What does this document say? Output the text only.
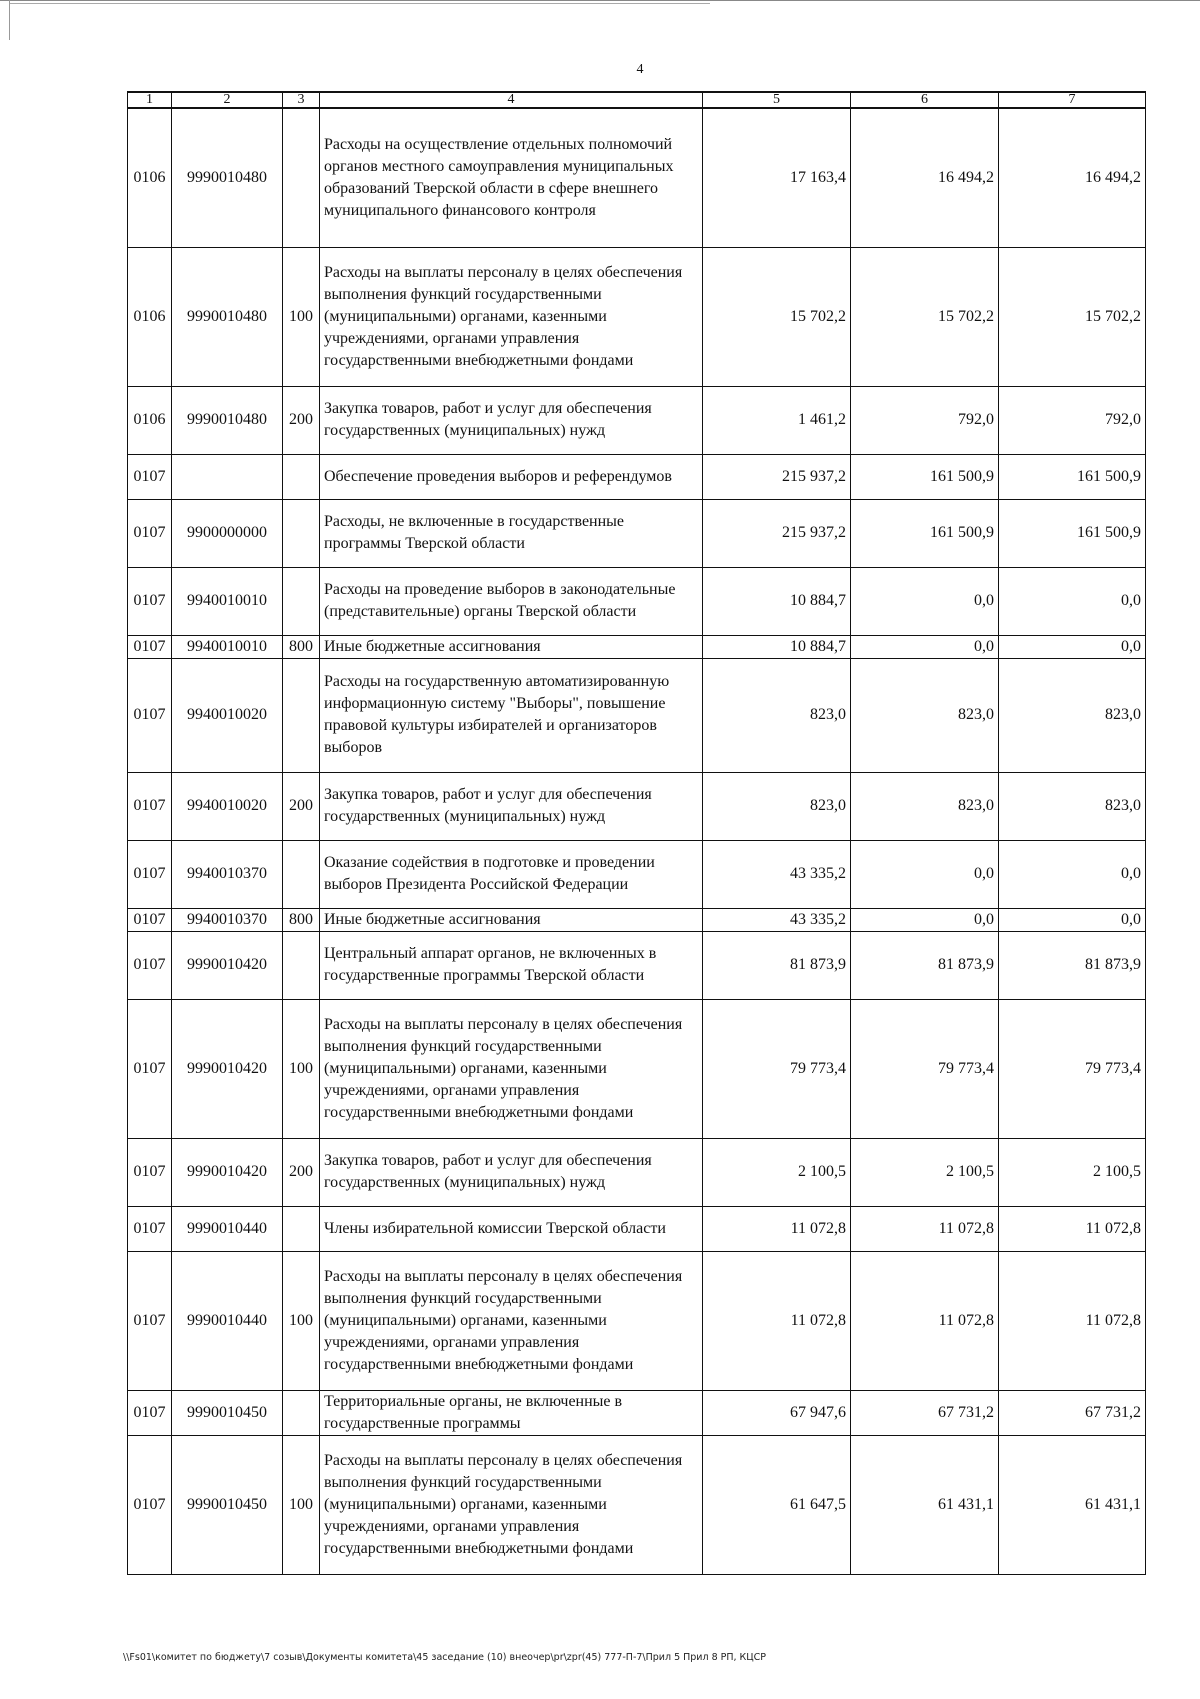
4
1	2	3	4	5	6	7
0106	9990010480		Расходы на осуществление отдельных полномочий органов местного самоуправления муниципальных образований Тверской области в сфере внешнего муниципального финансового контроля	17 163,4	16 494,2	16 494,2
0106	9990010480	100	Расходы на выплаты персоналу в целях обеспечения выполнения функций государственными (муниципальными) органами, казенными учреждениями, органами управления государственными внебюджетными фондами	15 702,2	15 702,2	15 702,2
0106	9990010480	200	Закупка товаров, работ и услуг для обеспечения государственных (муниципальных) нужд	1 461,2	792,0	792,0
0107			Обеспечение проведения выборов и референдумов	215 937,2	161 500,9	161 500,9
0107	9900000000		Расходы, не включенные в государственные программы Тверской области	215 937,2	161 500,9	161 500,9
0107	9940010010		Расходы на проведение выборов в законодательные (представительные) органы Тверской области	10 884,7	0,0	0,0
0107	9940010010	800	Иные бюджетные ассигнования	10 884,7	0,0	0,0
0107	9940010020		Расходы на государственную автоматизированную информационную систему "Выборы", повышение правовой культуры избирателей и организаторов выборов	823,0	823,0	823,0
0107	9940010020	200	Закупка товаров, работ и услуг для обеспечения государственных (муниципальных) нужд	823,0	823,0	823,0
0107	9940010370		Оказание содействия в подготовке и проведении выборов Президента Российской Федерации	43 335,2	0,0	0,0
0107	9940010370	800	Иные бюджетные ассигнования	43 335,2	0,0	0,0
0107	9990010420		Центральный аппарат органов, не включенных в государственные программы Тверской области	81 873,9	81 873,9	81 873,9
0107	9990010420	100	Расходы на выплаты персоналу в целях обеспечения выполнения функций государственными (муниципальными) органами, казенными учреждениями, органами управления государственными внебюджетными фондами	79 773,4	79 773,4	79 773,4
0107	9990010420	200	Закупка товаров, работ и услуг для обеспечения государственных (муниципальных) нужд	2 100,5	2 100,5	2 100,5
0107	9990010440		Члены избирательной комиссии Тверской области	11 072,8	11 072,8	11 072,8
0107	9990010440	100	Расходы на выплаты персоналу в целях обеспечения выполнения функций государственными (муниципальными) органами, казенными учреждениями, органами управления государственными внебюджетными фондами	11 072,8	11 072,8	11 072,8
0107	9990010450		Территориальные органы, не включенные в государственные программы	67 947,6	67 731,2	67 731,2
0107	9990010450	100	Расходы на выплаты персоналу в целях обеспечения выполнения функций государственными (муниципальными) органами, казенными учреждениями, органами управления государственными внебюджетными фондами	61 647,5	61 431,1	61 431,1
\\Fs01\комитет по бюджету\7 созыв\Документы комитета\45 заседание (10) внеочер\pr\zpr(45) 777-П-7\Прил 5 Прил 8 РП, КЦСР
